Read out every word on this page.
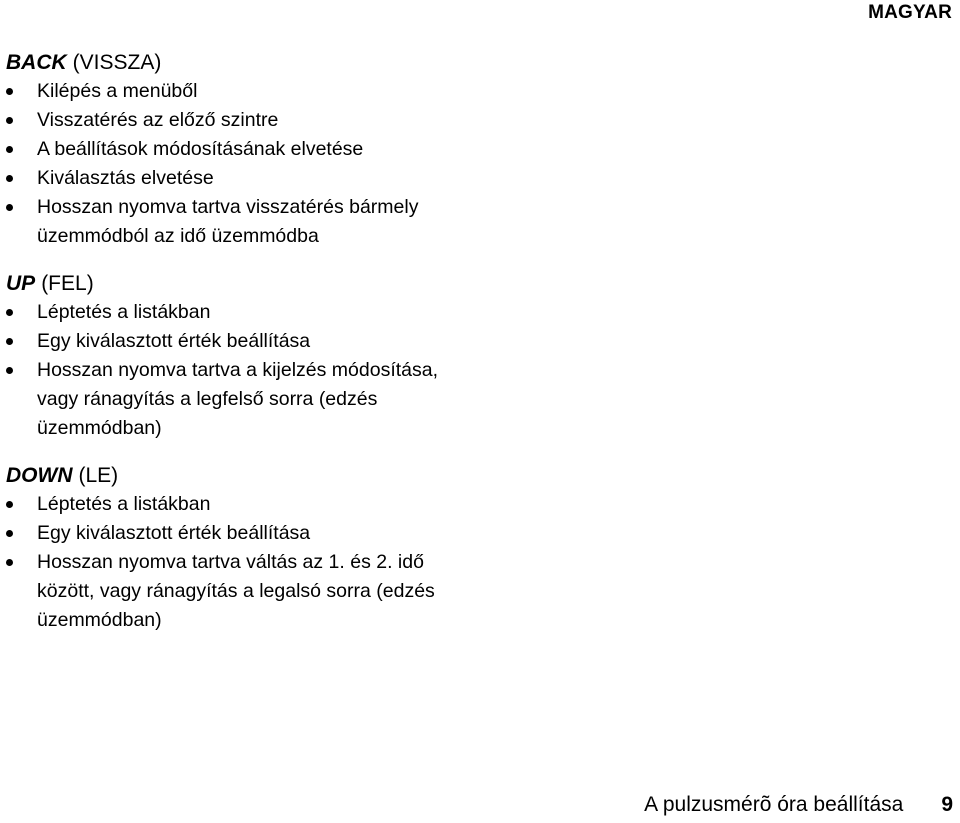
MAGYAR

BACK (VISSZA)

Kilépés a menüből
Visszatérés az előző szintre
A beállítások módosításának elvetése
Kiválasztás elvetése
Hosszan nyomva tartva visszatérés bármely üzemmódból az idő üzemmódba

UP (FEL)

Léptetés a listákban
Egy kiválasztott érték beállítása
Hosszan nyomva tartva a kijelzés módosítása, vagy ránagyítás a legfelső sorra (edzés üzemmódban)

DOWN (LE)

Léptetés a listákban
Egy kiválasztott érték beállítása
Hosszan nyomva tartva váltás az 1. és 2. idő között, vagy ránagyítás a legalsó sorra (edzés üzemmódban)
A pulzusmérõ óra beállítása 9
